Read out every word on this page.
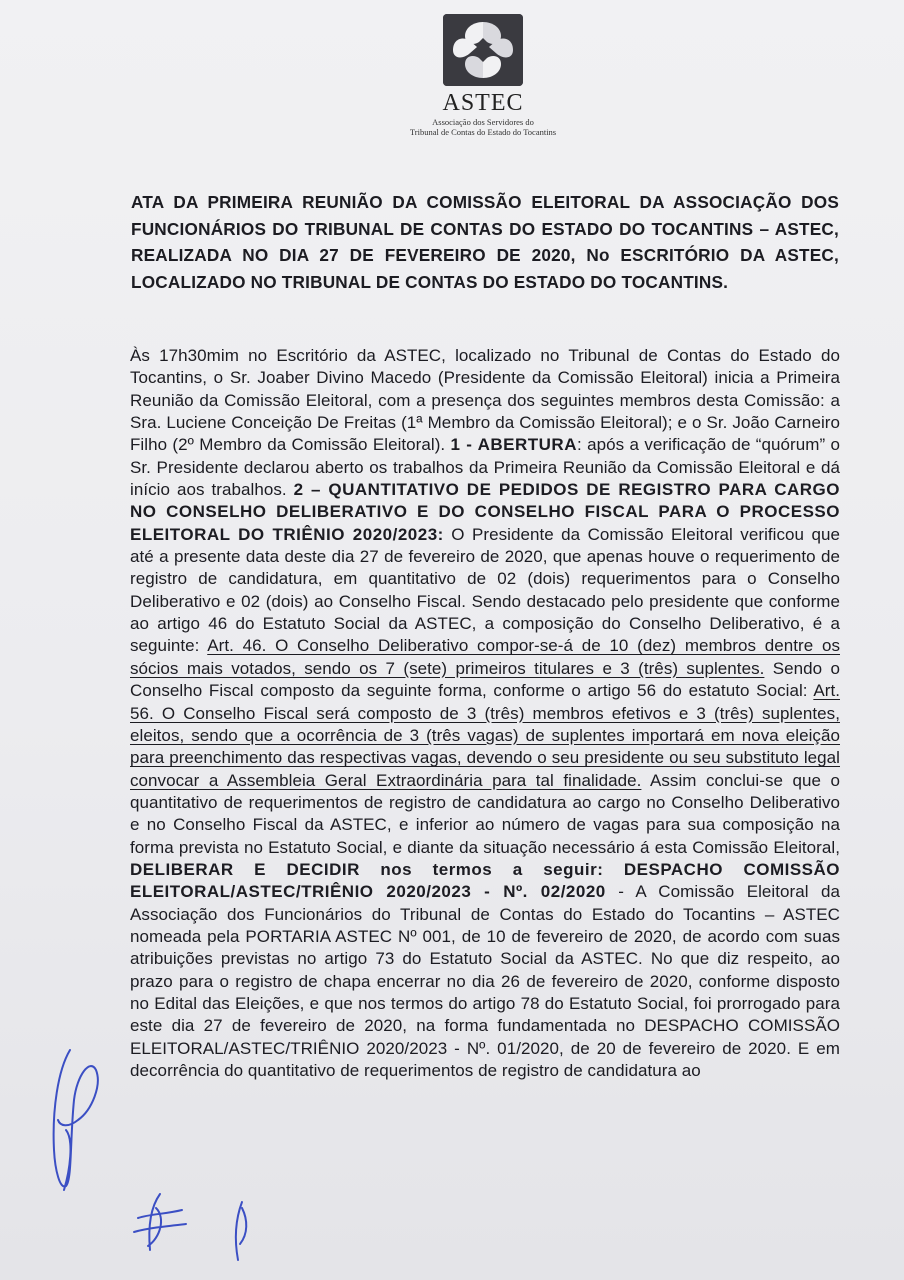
ASTEC
Associação dos Servidores do
Tribunal de Contas do Estado do Tocantins
ATA DA PRIMEIRA REUNIÃO DA COMISSÃO ELEITORAL DA ASSOCIAÇÃO DOS FUNCIONÁRIOS DO TRIBUNAL DE CONTAS DO ESTADO DO TOCANTINS – ASTEC, REALIZADA NO DIA 27 DE FEVEREIRO DE 2020, No ESCRITÓRIO DA ASTEC, LOCALIZADO NO TRIBUNAL DE CONTAS DO ESTADO DO TOCANTINS.
Às 17h30mim no Escritório da ASTEC, localizado no Tribunal de Contas do Estado do Tocantins, o Sr. Joaber Divino Macedo (Presidente da Comissão Eleitoral) inicia a Primeira Reunião da Comissão Eleitoral, com a presença dos seguintes membros desta Comissão: a Sra. Luciene Conceição De Freitas (1ª Membro da Comissão Eleitoral); e o Sr. João Carneiro Filho (2º Membro da Comissão Eleitoral). 1 - ABERTURA: após a verificação de “quórum” o Sr. Presidente declarou aberto os trabalhos da Primeira Reunião da Comissão Eleitoral e dá início aos trabalhos. 2 – QUANTITATIVO DE PEDIDOS DE REGISTRO PARA CARGO NO CONSELHO DELIBERATIVO E DO CONSELHO FISCAL PARA O PROCESSO ELEITORAL DO TRIÊNIO 2020/2023: O Presidente da Comissão Eleitoral verificou que até a presente data deste dia 27 de fevereiro de 2020, que apenas houve o requerimento de registro de candidatura, em quantitativo de 02 (dois) requerimentos para o Conselho Deliberativo e 02 (dois) ao Conselho Fiscal. Sendo destacado pelo presidente que conforme ao artigo 46 do Estatuto Social da ASTEC, a composição do Conselho Deliberativo, é a seguinte: Art. 46. O Conselho Deliberativo compor-se-á de 10 (dez) membros dentre os sócios mais votados, sendo os 7 (sete) primeiros titulares e 3 (três) suplentes. Sendo o Conselho Fiscal composto da seguinte forma, conforme o artigo 56 do estatuto Social: Art. 56. O Conselho Fiscal será composto de 3 (três) membros efetivos e 3 (três) suplentes, eleitos, sendo que a ocorrência de 3 (três vagas) de suplentes importará em nova eleição para preenchimento das respectivas vagas, devendo o seu presidente ou seu substituto legal convocar a Assembleia Geral Extraordinária para tal finalidade. Assim conclui-se que o quantitativo de requerimentos de registro de candidatura ao cargo no Conselho Deliberativo e no Conselho Fiscal da ASTEC, e inferior ao número de vagas para sua composição na forma prevista no Estatuto Social, e diante da situação necessário á esta Comissão Eleitoral, DELIBERAR E DECIDIR nos termos a seguir: DESPACHO COMISSÃO ELEITORAL/ASTEC/TRIÊNIO 2020/2023 - Nº. 02/2020 - A Comissão Eleitoral da Associação dos Funcionários do Tribunal de Contas do Estado do Tocantins – ASTEC nomeada pela PORTARIA ASTEC Nº 001, de 10 de fevereiro de 2020, de acordo com suas atribuições previstas no artigo 73 do Estatuto Social da ASTEC. No que diz respeito, ao prazo para o registro de chapa encerrar no dia 26 de fevereiro de 2020, conforme disposto no Edital das Eleições, e que nos termos do artigo 78 do Estatuto Social, foi prorrogado para este dia 27 de fevereiro de 2020, na forma fundamentada no DESPACHO COMISSÃO ELEITORAL/ASTEC/TRIÊNIO 2020/2023 - Nº. 01/2020, de 20 de fevereiro de 2020. E em decorrência do quantitativo de requerimentos de registro de candidatura ao
